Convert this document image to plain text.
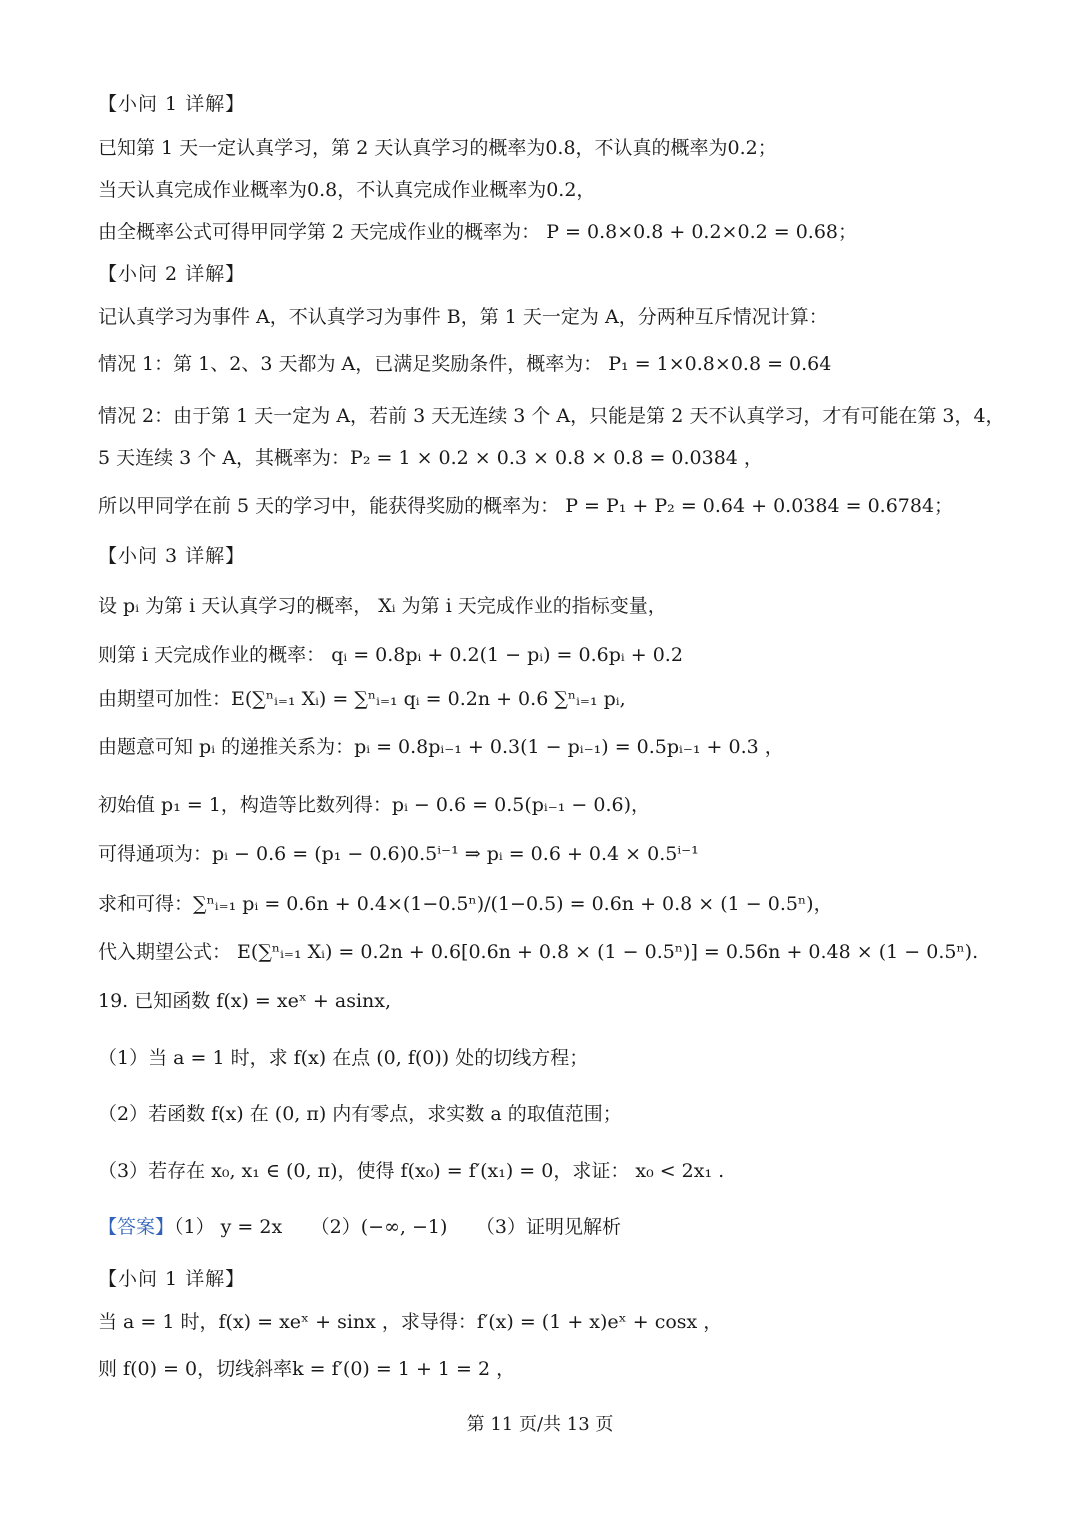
【小问 1 详解】
已知第 1 天一定认真学习，第 2 天认真学习的概率为0.8，不认真的概率为0.2；
当天认真完成作业概率为0.8，不认真完成作业概率为0.2，
由全概率公式可得甲同学第 2 天完成作业的概率为： P = 0.8×0.8 + 0.2×0.2 = 0.68；
【小问 2 详解】
记认真学习为事件 A，不认真学习为事件 B，第 1 天一定为 A，分两种互斥情况计算：
情况 1：第 1、2、3 天都为 A，已满足奖励条件，概率为： P₁ = 1×0.8×0.8 = 0.64
情况 2：由于第 1 天一定为 A，若前 3 天无连续 3 个 A，只能是第 2 天不认真学习，才有可能在第 3，4，
5 天连续 3 个 A，其概率为：P₂ = 1 × 0.2 × 0.3 × 0.8 × 0.8 = 0.0384 ，
所以甲同学在前 5 天的学习中，能获得奖励的概率为： P = P₁ + P₂ = 0.64 + 0.0384 = 0.6784；
【小问 3 详解】
设 pᵢ 为第 i 天认真学习的概率， Xᵢ 为第 i 天完成作业的指标变量，
则第 i 天完成作业的概率： qᵢ = 0.8pᵢ + 0.2(1 − pᵢ) = 0.6pᵢ + 0.2
由期望可加性：E(∑ⁿᵢ₌₁ Xᵢ) = ∑ⁿᵢ₌₁ qᵢ = 0.2n + 0.6 ∑ⁿᵢ₌₁ pᵢ,
由题意可知 pᵢ 的递推关系为：pᵢ = 0.8pᵢ₋₁ + 0.3(1 − pᵢ₋₁) = 0.5pᵢ₋₁ + 0.3 ，
初始值 p₁ = 1，构造等比数列得：pᵢ − 0.6 = 0.5(pᵢ₋₁ − 0.6)，
可得通项为：pᵢ − 0.6 = (p₁ − 0.6)0.5ⁱ⁻¹ ⇒ pᵢ = 0.6 + 0.4 × 0.5ⁱ⁻¹
求和可得：∑ⁿᵢ₌₁ pᵢ = 0.6n + 0.4×(1−0.5ⁿ)/(1−0.5) = 0.6n + 0.8 × (1 − 0.5ⁿ)，
代入期望公式： E(∑ⁿᵢ₌₁ Xᵢ) = 0.2n + 0.6[0.6n + 0.8 × (1 − 0.5ⁿ)] = 0.56n + 0.48 × (1 − 0.5ⁿ).
19. 已知函数 f(x) = xeˣ + asinx,
（1）当 a = 1 时，求 f(x) 在点 (0, f(0)) 处的切线方程；
（2）若函数 f(x) 在 (0, π) 内有零点，求实数 a 的取值范围；
（3）若存在 x₀, x₁ ∈ (0, π)，使得 f(x₀) = f′(x₁) = 0，求证： x₀ < 2x₁ .
【答案】（1） y = 2x　　（2）(−∞, −1)　　（3）证明见解析
【小问 1 详解】
当 a = 1 时，f(x) = xeˣ + sinx ，求导得：f′(x) = (1 + x)eˣ + cosx ，
则 f(0) = 0，切线斜率k = f′(0) = 1 + 1 = 2 ，
第 11 页/共 13 页
